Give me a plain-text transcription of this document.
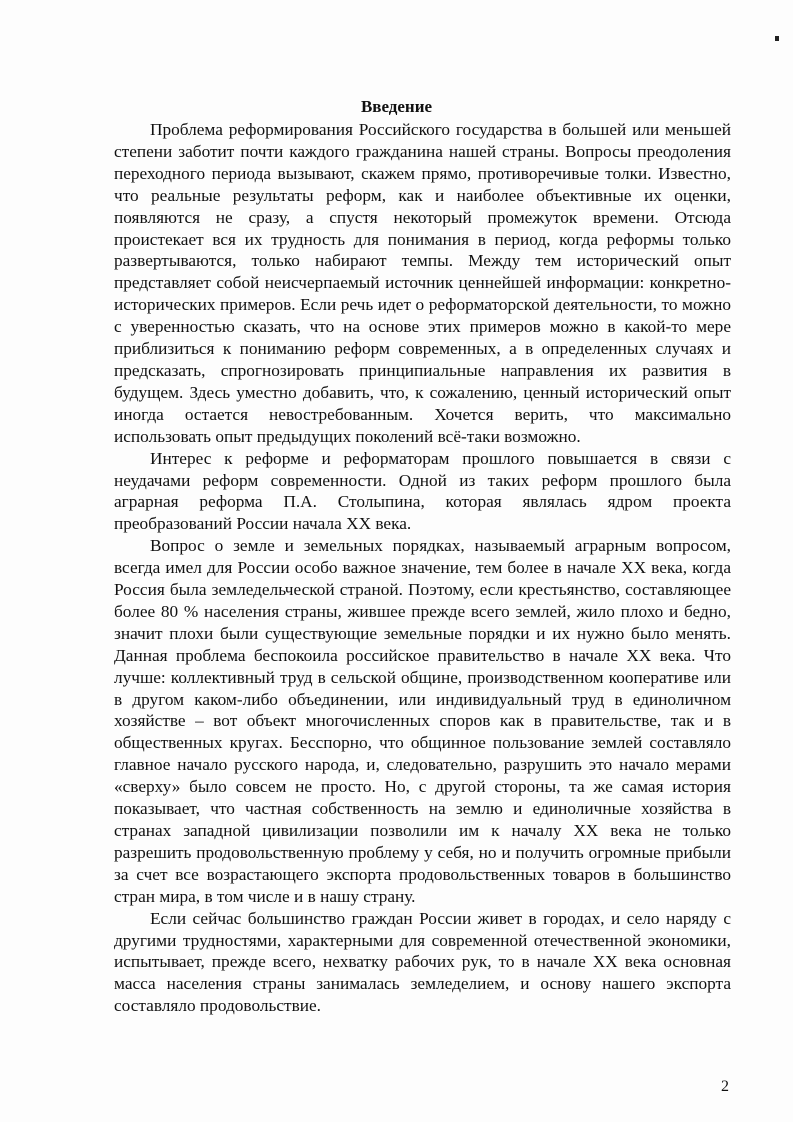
Введение

Проблема реформирования Российского государства в большей или меньшей степени заботит почти каждого гражданина нашей страны. Вопросы преодоления переходного периода вызывают, скажем прямо, противоречивые толки. Известно, что реальные результаты реформ, как и наиболее объективные их оценки, появляются не сразу, а спустя некоторый промежуток времени. Отсюда проистекает вся их трудность для понимания в период, когда реформы только развертываются, только набирают темпы. Между тем исторический опыт представляет собой неисчерпаемый источник ценнейшей информации: конкретно-исторических примеров. Если речь идет о реформаторской деятельности, то можно с уверенностью сказать, что на основе этих примеров можно в какой-то мере приблизиться к пониманию реформ современных, а в определенных случаях и предсказать, спрогнозировать принципиальные направления их развития в будущем. Здесь уместно добавить, что, к сожалению, ценный исторический опыт иногда остается невостребованным. Хочется верить, что максимально использовать опыт предыдущих поколений всё-таки возможно.

Интерес к реформе и реформаторам прошлого повышается в связи с неудачами реформ современности. Одной из таких реформ прошлого была аграрная реформа П.А. Столыпина, которая являлась ядром проекта преобразований России начала XX века.

Вопрос о земле и земельных порядках, называемый аграрным вопросом, всегда имел для России особо важное значение, тем более в начале XX века, когда Россия была земледельческой страной. Поэтому, если крестьянство, составляющее более 80 % населения страны, жившее прежде всего землей, жило плохо и бедно, значит плохи были существующие земельные порядки и их нужно было менять. Данная проблема беспокоила российское правительство в начале XX века. Что лучше: коллективный труд в сельской общине, производственном кооперативе или в другом каком-либо объединении, или индивидуальный труд в единоличном хозяйстве – вот объект многочисленных споров как в правительстве, так и в общественных кругах. Бесспорно, что общинное пользование землей составляло главное начало русского народа, и, следовательно, разрушить это начало мерами «сверху» было совсем не просто. Но, с другой стороны, та же самая история показывает, что частная собственность на землю и единоличные хозяйства в странах западной цивилизации позволили им к началу XX века не только разрешить продовольственную проблему у себя, но и получить огромные прибыли за счет все возрастающего экспорта продовольственных товаров в большинство стран мира, в том числе и в нашу страну.

Если сейчас большинство граждан России живет в городах, и село наряду с другими трудностями, характерными для современной отечественной экономики, испытывает, прежде всего, нехватку рабочих рук, то в начале XX века основная масса населения страны занималась земледелием, и основу нашего экспорта составляло продовольствие.

2
